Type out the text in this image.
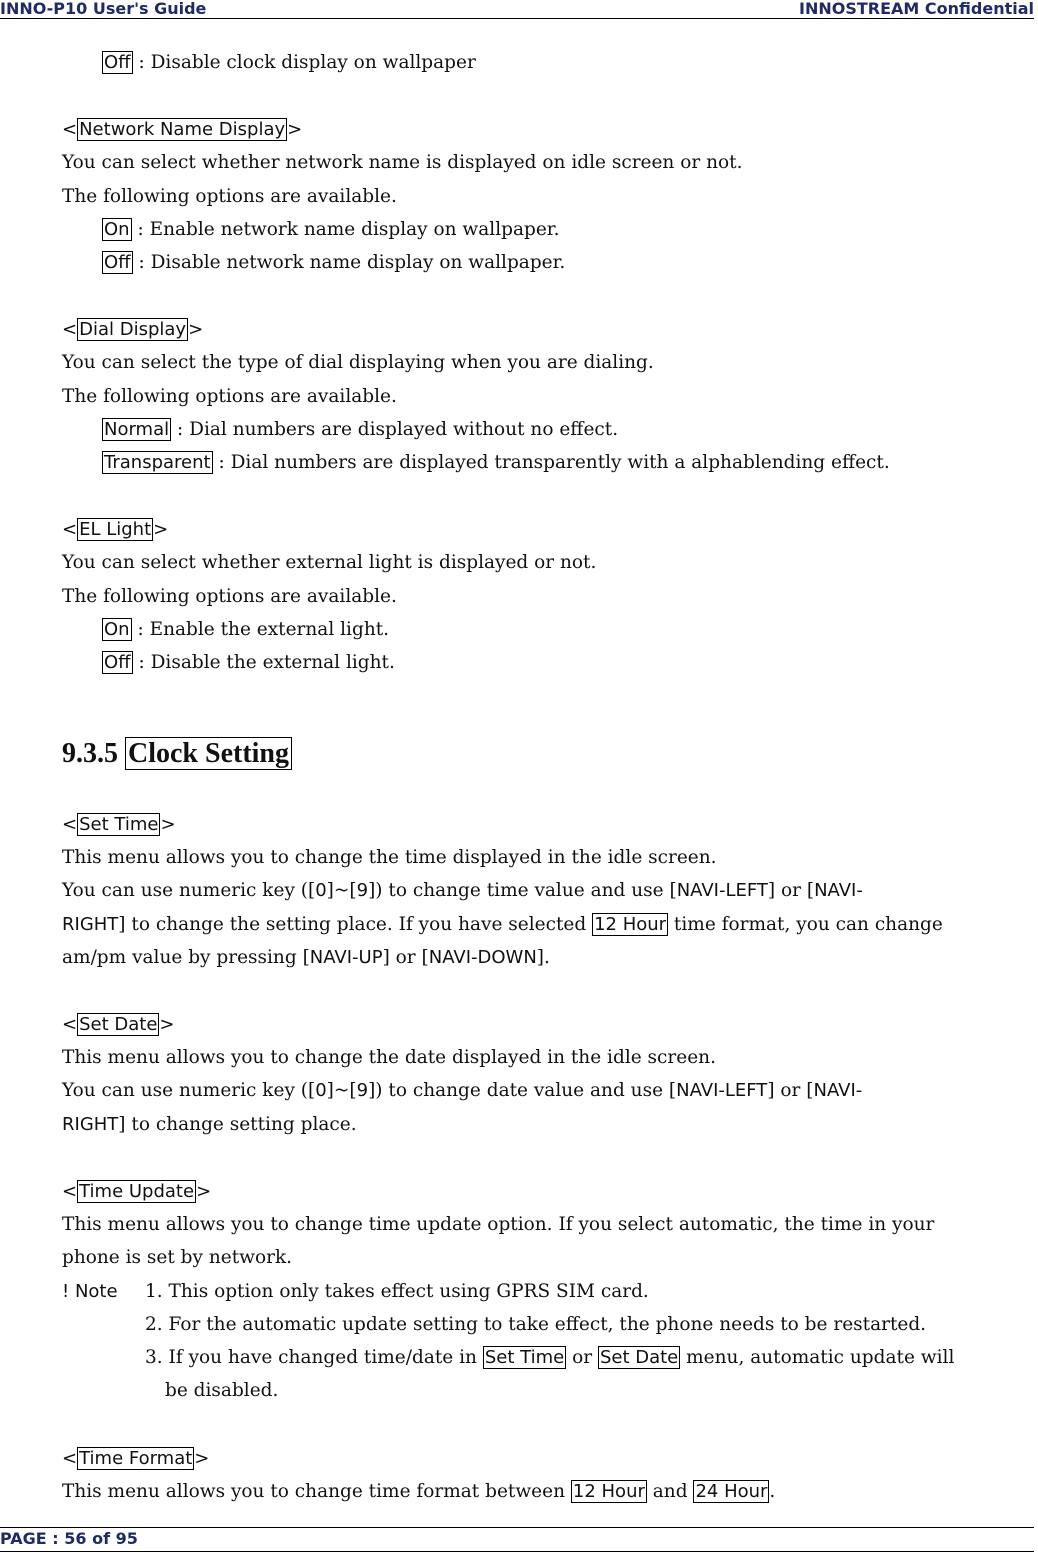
INNO-P10 User's Guide	INNOSTREAM Confidential
Off : Disable clock display on wallpaper
< Network Name Display >
You can select whether network name is displayed on idle screen or not.
The following options are available.
On : Enable network name display on wallpaper.
Off : Disable network name display on wallpaper.
< Dial Display >
You can select the type of dial displaying when you are dialing.
The following options are available.
Normal : Dial numbers are displayed without no effect.
Transparent : Dial numbers are displayed transparently with a alphablending effect.
< EL Light >
You can select whether external light is displayed or not.
The following options are available.
On : Enable the external light.
Off : Disable the external light.
9.3.5 Clock Setting
< Set Time >
This menu allows you to change the time displayed in the idle screen.
You can use numeric key ([0]~[9]) to change time value and use [NAVI-LEFT] or [NAVI-
RIGHT] to change the setting place. If you have selected 12 Hour time format, you can change
am/pm value by pressing [NAVI-UP] or [NAVI-DOWN].
< Set Date >
This menu allows you to change the date displayed in the idle screen.
You can use numeric key ([0]~[9]) to change date value and use [NAVI-LEFT] or [NAVI-
RIGHT] to change setting place.
< Time Update >
This menu allows you to change time update option. If you select automatic, the time in your
phone is set by network.
! Note 1. This option only takes effect using GPRS SIM card.
2. For the automatic update setting to take effect, the phone needs to be restarted.
3. If you have changed time/date in Set Time or Set Date menu, automatic update will
be disabled.
< Time Format >
This menu allows you to change time format between 12 Hour and 24 Hour .
PAGE : 56 of 95
